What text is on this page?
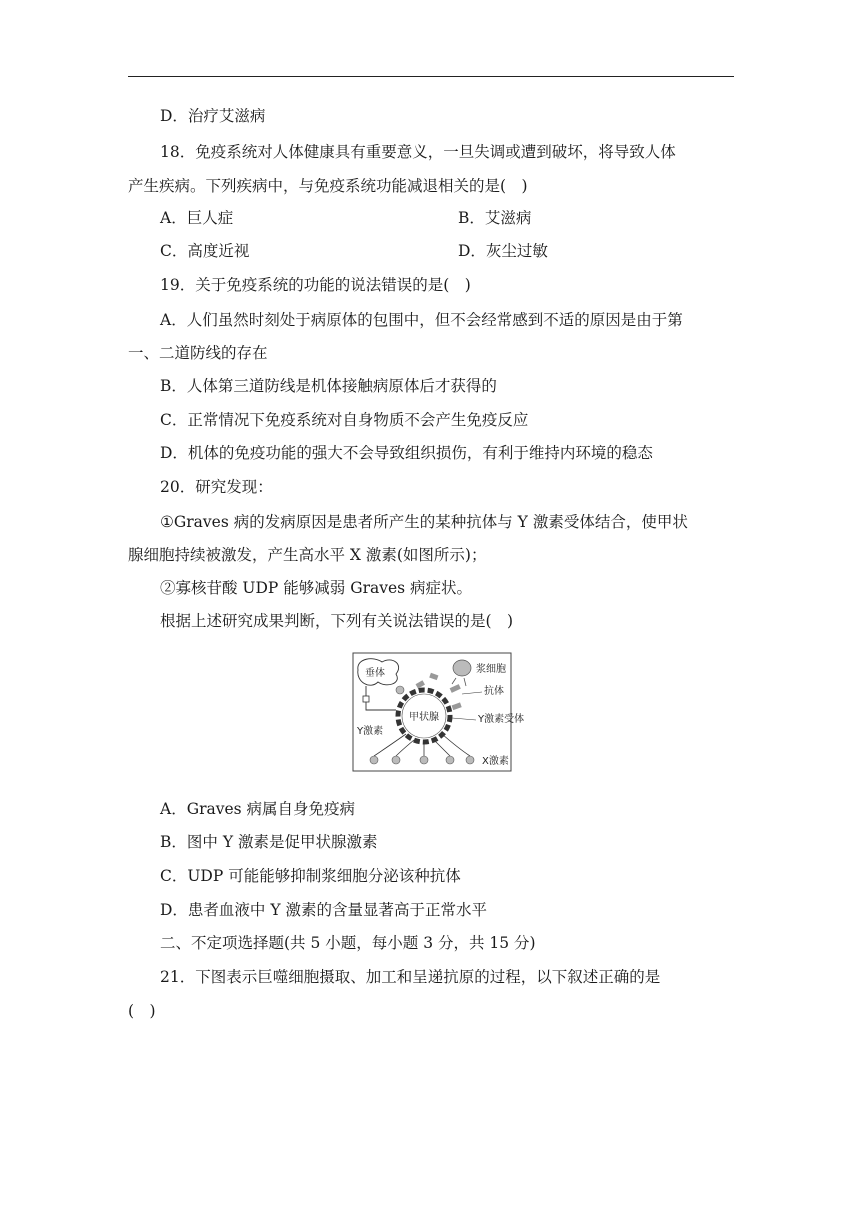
D．治疗艾滋病
18．免疫系统对人体健康具有重要意义，一旦失调或遭到破坏，将导致人体
产生疾病。下列疾病中，与免疫系统功能减退相关的是(　)
A．巨人症	B．艾滋病
C．高度近视	D．灰尘过敏
19．关于免疫系统的功能的说法错误的是(　)
A．人们虽然时刻处于病原体的包围中，但不会经常感到不适的原因是由于第
一、二道防线的存在
B．人体第三道防线是机体接触病原体后才获得的
C．正常情况下免疫系统对自身物质不会产生免疫反应
D．机体的免疫功能的强大不会导致组织损伤，有利于维持内环境的稳态
20．研究发现：
①Graves 病的发病原因是患者所产生的某种抗体与 Y 激素受体结合，使甲状
腺细胞持续被激发，产生高水平 X 激素(如图所示)；
②寡核苷酸 UDP 能够减弱 Graves 病症状。
根据上述研究成果判断，下列有关说法错误的是(　)
垂体	浆细胞
抗体
Y激素受体
甲状腺
Y激素
X激素
A．Graves 病属自身免疫病
B．图中 Y 激素是促甲状腺激素
C．UDP 可能能够抑制浆细胞分泌该种抗体
D．患者血液中 Y 激素的含量显著高于正常水平
二、不定项选择题(共 5 小题，每小题 3 分，共 15 分)
21．下图表示巨噬细胞摄取、加工和呈递抗原的过程，以下叙述正确的是
(　)
